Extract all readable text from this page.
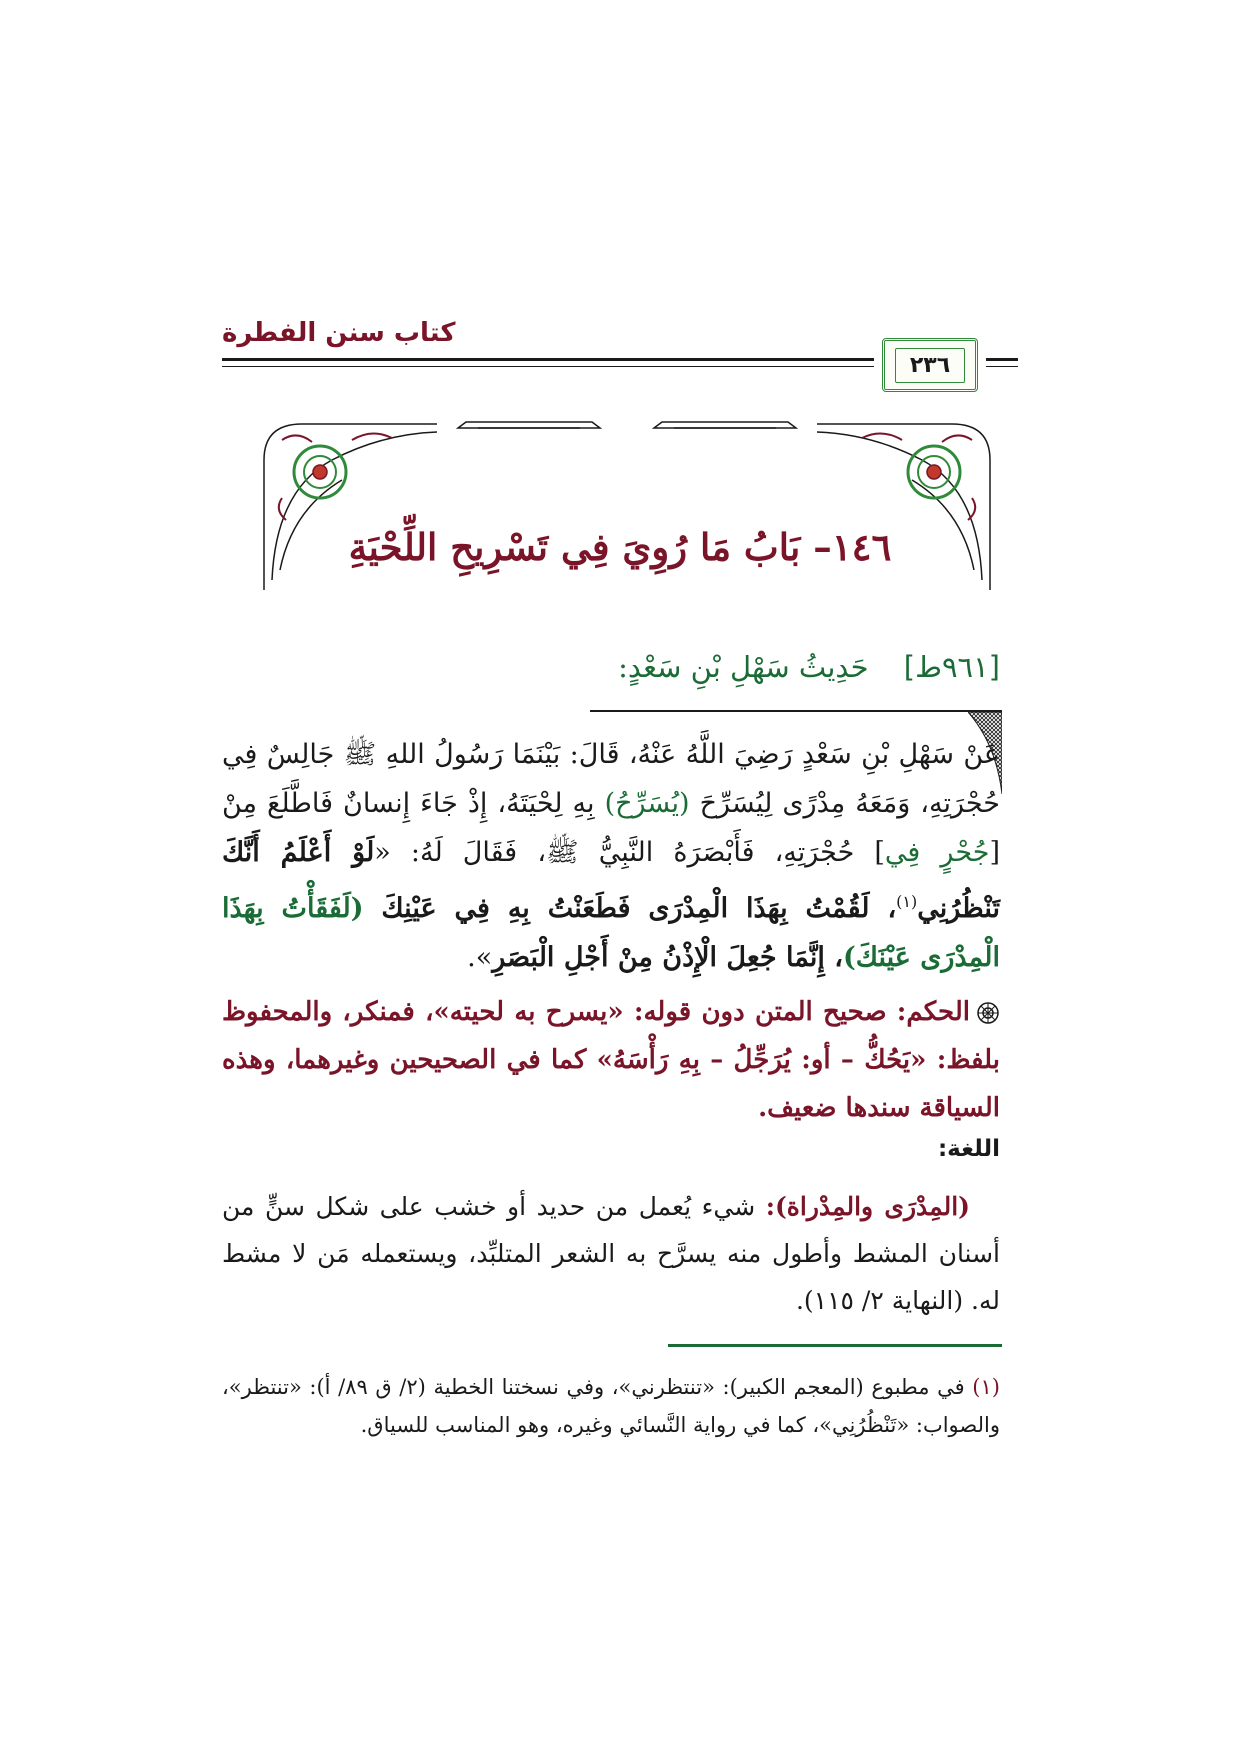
كتاب سنن الفطرة
٢٣٦
١٤٦– بَابُ مَا رُوِيَ فِي تَسْرِيحِ اللِّحْيَةِ
[٩٦١ط] حَدِيثُ سَهْلِ بْنِ سَعْدٍ:
عَنْ سَهْلِ بْنِ سَعْدٍ رَضِيَ اللَّهُ عَنْهُ، قَالَ: بَيْنَمَا رَسُولُ اللهِ ﷺ جَالِسٌ فِي حُجْرَتِهِ، وَمَعَهُ مِدْرًى لِيُسَرِّحَ (يُسَرِّحُ) بِهِ لِحْيَتَهُ، إِذْ جَاءَ إِنسانٌ فَاطَّلَعَ مِنْ [جُحْرٍ فِي] حُجْرَتِهِ، فَأَبْصَرَهُ النَّبِيُّ ﷺ، فَقَالَ لَهُ: «لَوْ أَعْلَمُ أَنَّكَ تَنْظُرُنِي$^{(١)}$، لَقُمْتُ بِهَذَا الْمِدْرَى فَطَعَنْتُ بِهِ فِي عَيْنِكَ (لَفَقَأْتُ بِهَذَا الْمِدْرَى عَيْنَكَ)، إِنَّمَا جُعِلَ الْإِذْنُ مِنْ أَجْلِ الْبَصَرِ».
الحكم: صحيح المتن دون قوله: «يسرح به لحيته»، فمنكر، والمحفوظ بلفظ: «يَحُكُّ – أو: يُرَجِّلُ – بِهِ رَأْسَهُ» كما في الصحيحين وغيرهما، وهذه السياقة سندها ضعيف.
اللغة:
(المِدْرَى والمِدْراة): شيء يُعمل من حديد أو خشب على شكل سنٍّ من أسنان المشط وأطول منه يسرَّح به الشعر المتلبِّد، ويستعمله مَن لا مشط له. (النهاية ٢/ ١١٥).
(١) في مطبوع (المعجم الكبير): «تنتظرني»، وفي نسختنا الخطية (٢/ ق ٨٩/ أ): «تنتظر»، والصواب: «تَنْظُرُنِي»، كما في رواية النَّسائي وغيره، وهو المناسب للسياق.
